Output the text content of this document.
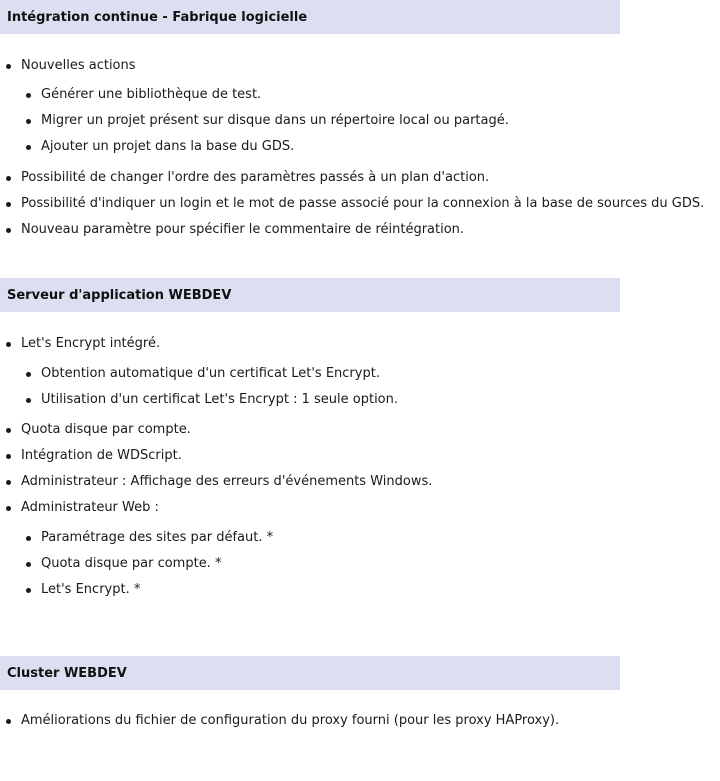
Intégration continue - Fabrique logicielle
Nouvelles actions
Générer une bibliothèque de test.
Migrer un projet présent sur disque dans un répertoire local ou partagé.
Ajouter un projet dans la base du GDS.
Possibilité de changer l'ordre des paramètres passés à un plan d'action.
Possibilité d'indiquer un login et le mot de passe associé pour la connexion à la base de sources du GDS.
Nouveau paramètre pour spécifier le commentaire de réintégration.
Serveur d'application WEBDEV
Let's Encrypt intégré.
Obtention automatique d'un certificat Let's Encrypt.
Utilisation d'un certificat Let's Encrypt : 1 seule option.
Quota disque par compte.
Intégration de WDScript.
Administrateur : Affichage des erreurs d'événements Windows.
Administrateur Web :
Paramétrage des sites par défaut. *
Quota disque par compte. *
Let's Encrypt. *
Cluster WEBDEV
Améliorations du fichier de configuration du proxy fourni (pour les proxy HAProxy).
